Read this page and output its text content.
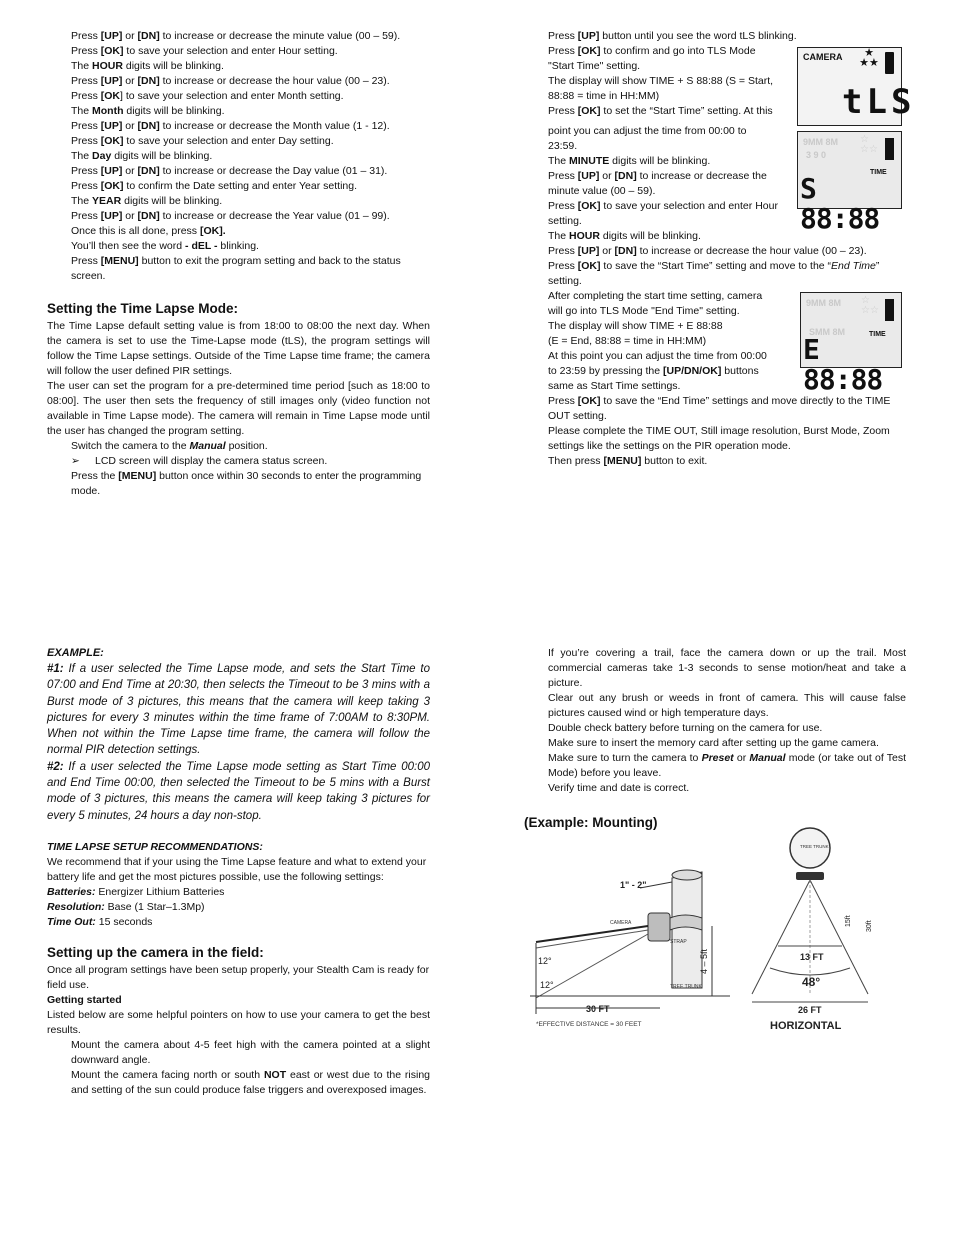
Press [UP] or [DN] to increase or decrease the minute value (00 – 59).

Press [OK] to save your selection and enter Hour setting.

The HOUR digits will be blinking.

Press [UP] or [DN] to increase or decrease the hour value (00 – 23).

Press [OK] to save your selection and enter Month setting.

The Month digits will be blinking.

Press [UP] or [DN] to increase or decrease the Month value (1 - 12).

Press [OK] to save your selection and enter Day setting.

The Day digits will be blinking.

Press [UP] or [DN] to increase or decrease the Day value (01 – 31).

Press [OK] to confirm the Date setting and enter Year setting.

The YEAR digits will be blinking.

Press [UP] or [DN] to increase or decrease the Year value (01 – 99).

Once this is all done, press [OK].

You’ll then see the word - dEL - blinking.

Press [MENU] button to exit the program setting and back to the status screen.

Setting the Time Lapse Mode:

The Time Lapse default setting value is from 18:00 to 08:00 the next day. When the camera is set to use the Time-Lapse mode (tLS), the program settings will follow the Time Lapse settings. Outside of the Time Lapse time frame; the camera will follow the user defined PIR settings.

The user can set the program for a pre-determined time period [such as 18:00 to 08:00]. The user then sets the frequency of still images only (video function not available in Time Lapse mode). The camera will remain in Time Lapse mode until the user has changed the program setting.

Switch the camera to the Manual position.

➢ LCD screen will display the camera status screen.

Press the [MENU] button once within 30 seconds to enter the programming mode.

Press [UP] button until you see the word tLS blinking.

Press [OK] to confirm and go into TLS Mode

"Start Time" setting.

The display will show TIME + S 88:88 (S = Start,

88:88 = time in HH:MM)

Press [OK] to set the “Start Time” setting. At this

point you can adjust the time from 00:00 to

23:59.

The MINUTE digits will be blinking.

Press [UP] or [DN] to increase or decrease the

minute value (00 – 59).

Press [OK] to save your selection and enter Hour

setting.

The HOUR digits will be blinking.

Press [UP] or [DN] to increase or decrease the hour value (00 – 23).

Press [OK] to save the “Start Time” setting and move to the “End Time”

setting.

After completing the start time setting, camera

will go into TLS Mode "End Time" setting.

The display will show TIME + E 88:88

(E = End, 88:88 = time in HH:MM)

At this point you can adjust the time from 00:00

to 23:59 by pressing the [UP/DN/OK] buttons

same as Start Time settings.

Press [OK] to save the “End Time” settings and move directly to the TIME

OUT setting.

Please complete the TIME OUT, Still image resolution, Burst Mode, Zoom

settings like the settings on the PIR operation mode.

Then press [MENU] button to exit.

CAMERA	★
★★
tLS
9MM 8M
3 9 0
☆
☆☆
TIME
S 88:88
9MM 8M ☆
☆☆
SMM 8M	TIME
E 88:88

EXAMPLE:

#1: If a user selected the Time Lapse mode, and sets the Start Time to 07:00 and End Time at 20:30, then selects the Timeout to be 3 mins with a Burst mode of 3 pictures, this means that the camera will keep taking 3 pictures for every 3 minutes within the time frame of 7:00AM to 8:30PM. When not within the Time Lapse time frame, the camera will follow the normal PIR detection settings.

#2: If a user selected the Time Lapse mode setting as Start Time 00:00 and End Time 00:00, then selected the Timeout to be 5 mins with a Burst mode of 3 pictures, this means the camera will keep taking 3 pictures for every 5 minutes, 24 hours a day non-stop.

TIME LAPSE SETUP RECOMMENDATIONS:

We recommend that if your using the Time Lapse feature and what to extend your battery life and get the most pictures possible, use the following settings:

Batteries: Energizer Lithium Batteries

Resolution: Base (1 Star–1.3Mp)

Time Out: 15 seconds

Setting up the camera in the field:

Once all program settings have been setup properly, your Stealth Cam is ready for field use.

Getting started

Listed below are some helpful pointers on how to use your camera to get the best results.

Mount the camera about 4-5 feet high with the camera pointed at a slight downward angle.

Mount the camera facing north or south NOT east or west due to the rising and setting of the sun could produce false triggers and overexposed images.

If you’re covering a trail, face the camera down or up the trail. Most commercial cameras take 1-3 seconds to sense motion/heat and take a picture.

Clear out any brush or weeds in front of camera. This will cause false pictures caused wind or high temperature days.

Double check battery before turning on the camera for use.

Make sure to insert the memory card after setting up the game camera.

Make sure to turn the camera to Preset or Manual mode (or take out of Test Mode) before you leave.

Verify time and date is correct.

(Example: Mounting)
1" - 2"
CAMERA
STRAP
TREE TRUNK
12°
12°
4 – 5ft
30 FT
*EFFECTIVE DISTANCE = 30 FEET
TREE TRUNK
13 FT
48°
15ft 30ft
26 FT
HORIZONTAL
